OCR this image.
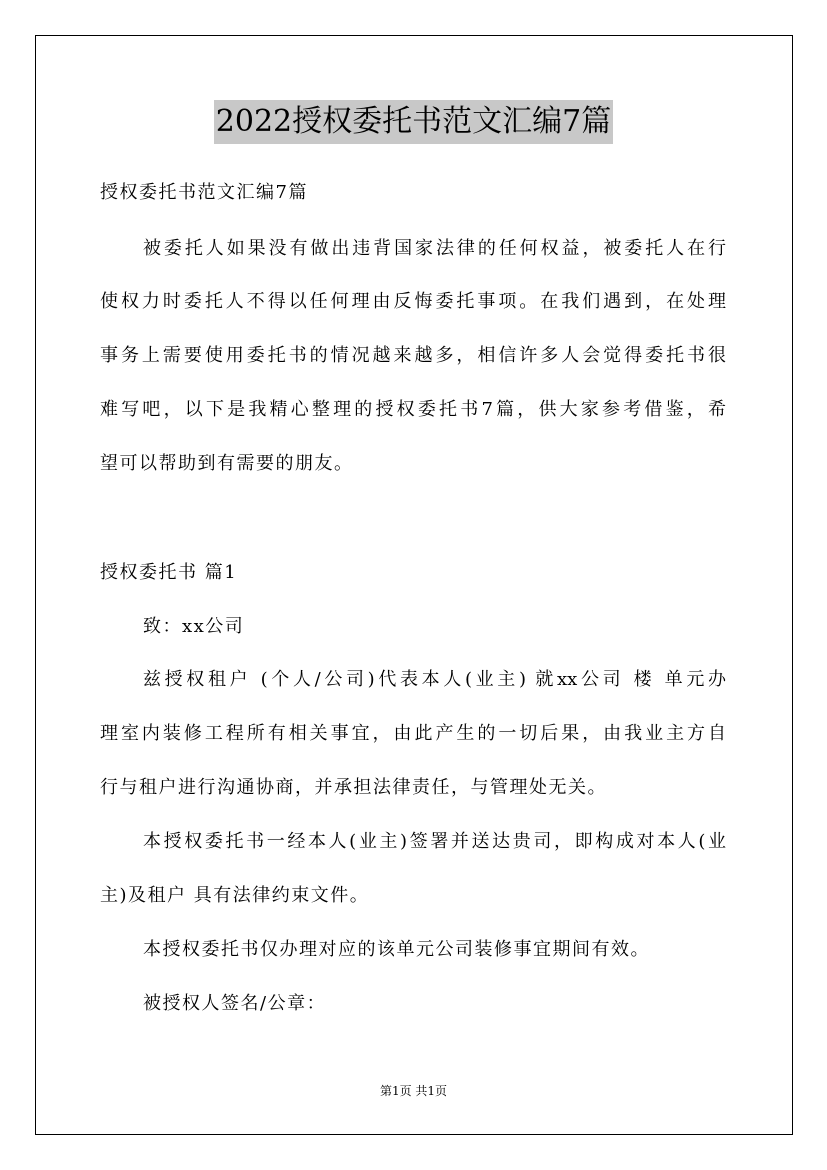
2022授权委托书范文汇编7篇
授权委托书范文汇编7篇
被委托人如果没有做出违背国家法律的任何权益，被委托人在行
使权力时委托人不得以任何理由反悔委托事项。在我们遇到，在处理
事务上需要使用委托书的情况越来越多，相信许多人会觉得委托书很
难写吧，以下是我精心整理的授权委托书7篇，供大家参考借鉴，希
望可以帮助到有需要的朋友。
授权委托书 篇1
致：xx公司
兹授权租户 (个人/公司)代表本人(业主) 就xx公司 楼 单元办
理室内装修工程所有相关事宜，由此产生的一切后果，由我业主方自
行与租户进行沟通协商，并承担法律责任，与管理处无关。
本授权委托书一经本人(业主)签署并送达贵司，即构成对本人(业
主)及租户 具有法律约束文件。
本授权委托书仅办理对应的该单元公司装修事宜期间有效。
被授权人签名/公章：
第1页 共1页
